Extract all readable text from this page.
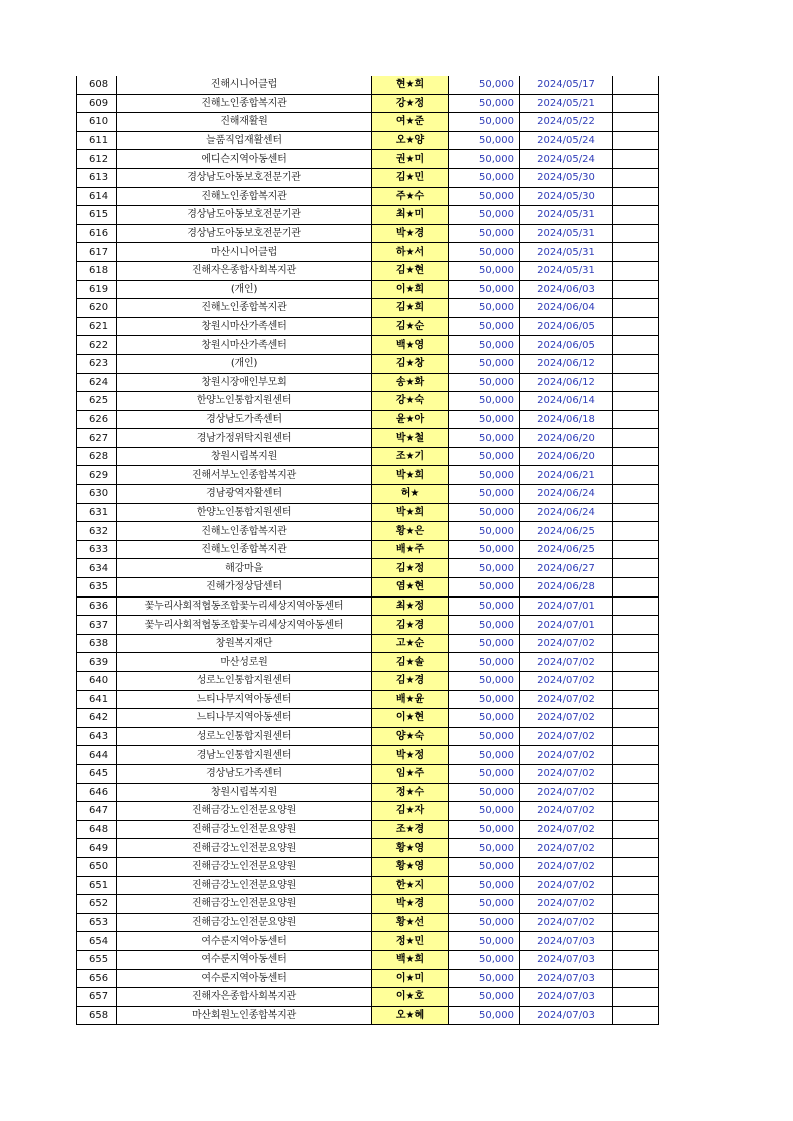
608	진해시니어클럽	현★희	50,000	2024/05/17	
609	진해노인종합복지관	강★정	50,000	2024/05/21	
610	진해재활원	여★준	50,000	2024/05/22	
611	늘품직업재활센터	오★양	50,000	2024/05/24	
612	에디슨지역아동센터	권★미	50,000	2024/05/24	
613	경상남도아동보호전문기관	김★민	50,000	2024/05/30	
614	진해노인종합복지관	주★수	50,000	2024/05/30	
615	경상남도아동보호전문기관	최★미	50,000	2024/05/31	
616	경상남도아동보호전문기관	박★경	50,000	2024/05/31	
617	마산시니어클럽	하★서	50,000	2024/05/31	
618	진해자은종합사회복지관	김★현	50,000	2024/05/31	
619	(개인)	이★희	50,000	2024/06/03	
620	진해노인종합복지관	김★희	50,000	2024/06/04	
621	창원시마산가족센터	김★순	50,000	2024/06/05	
622	창원시마산가족센터	백★영	50,000	2024/06/05	
623	(개인)	김★창	50,000	2024/06/12	
624	창원시장애인부모회	송★화	50,000	2024/06/12	
625	한양노인통합지원센터	강★숙	50,000	2024/06/14	
626	경상남도가족센터	윤★아	50,000	2024/06/18	
627	경남가정위탁지원센터	박★철	50,000	2024/06/20	
628	창원시립복지원	조★기	50,000	2024/06/20	
629	진해서부노인종합복지관	박★희	50,000	2024/06/21	
630	경남광역자활센터	허★	50,000	2024/06/24	
631	한양노인통합지원센터	박★희	50,000	2024/06/24	
632	진해노인종합복지관	황★은	50,000	2024/06/25	
633	진해노인종합복지관	배★주	50,000	2024/06/25	
634	해강마을	김★정	50,000	2024/06/27	
635	진해가정상담센터	염★현	50,000	2024/06/28	
636	꽃누리사회적협동조합꽃누리세상지역아동센터	최★정	50,000	2024/07/01	
637	꽃누리사회적협동조합꽃누리세상지역아동센터	김★경	50,000	2024/07/01	
638	창원복지재단	고★순	50,000	2024/07/02	
639	마산성로원	김★솔	50,000	2024/07/02	
640	성로노인통합지원센터	김★경	50,000	2024/07/02	
641	느티나무지역아동센터	배★윤	50,000	2024/07/02	
642	느티나무지역아동센터	이★현	50,000	2024/07/02	
643	성로노인통합지원센터	양★숙	50,000	2024/07/02	
644	경남노인통합지원센터	박★정	50,000	2024/07/02	
645	경상남도가족센터	임★주	50,000	2024/07/02	
646	창원시립복지원	정★수	50,000	2024/07/02	
647	진해금강노인전문요양원	김★자	50,000	2024/07/02	
648	진해금강노인전문요양원	조★경	50,000	2024/07/02	
649	진해금강노인전문요양원	황★영	50,000	2024/07/02	
650	진해금강노인전문요양원	황★영	50,000	2024/07/02	
651	진해금강노인전문요양원	한★지	50,000	2024/07/02	
652	진해금강노인전문요양원	박★경	50,000	2024/07/02	
653	진해금강노인전문요양원	황★선	50,000	2024/07/02	
654	여수룬지역아동센터	정★민	50,000	2024/07/03	
655	여수룬지역아동센터	백★희	50,000	2024/07/03	
656	여수룬지역아동센터	이★미	50,000	2024/07/03	
657	진해자은종합사회복지관	이★호	50,000	2024/07/03	
658	마산회원노인종합복지관	오★혜	50,000	2024/07/03	
